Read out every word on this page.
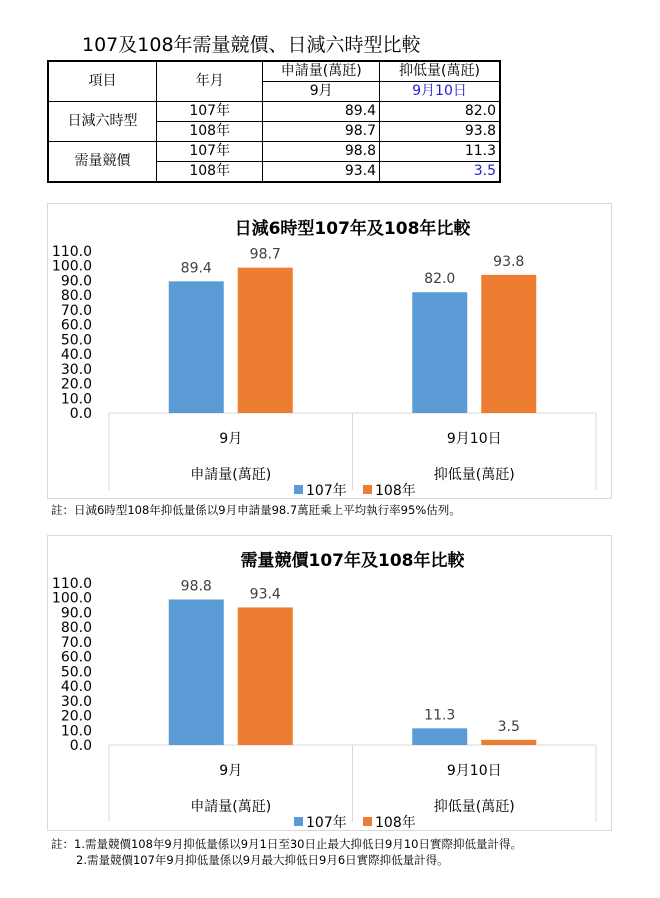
107及108年需量競價、日減六時型比較
項目	年月	申請量(萬瓩)	抑低量(萬瓩)
		9月	9月10日
日減六時型	107年	89.4	82.0
	108年	98.7	93.8
需量競價	107年	98.8	11.3
	108年	93.4	3.5
日減6時型107年及108年比較
0.0
10.0
20.0
30.0
40.0
50.0
60.0
70.0
80.0
90.0
100.0
110.0
89.4
98.7
9月
申請量(萬瓩)
82.0
93.8
9月10日
抑低量(萬瓩)
107年 108年
註：日減6時型108年抑低量係以9月申請量98.7萬瓩乘上平均執行率95%估列。
需量競價107年及108年比較
0.0
10.0
20.0
30.0
40.0
50.0
60.0
70.0
80.0
90.0
100.0
110.0	98.8	93.4
9月
申請量(萬瓩)
11.3
3.5
9月10日
抑低量(萬瓩)
107年 108年
註：1.需量競價108年9月抑低量係以9月1日至30日止最大抑低日9月10日實際抑低量計得。
2.需量競價107年9月抑低量係以9月最大抑低日9月6日實際抑低量計得。
